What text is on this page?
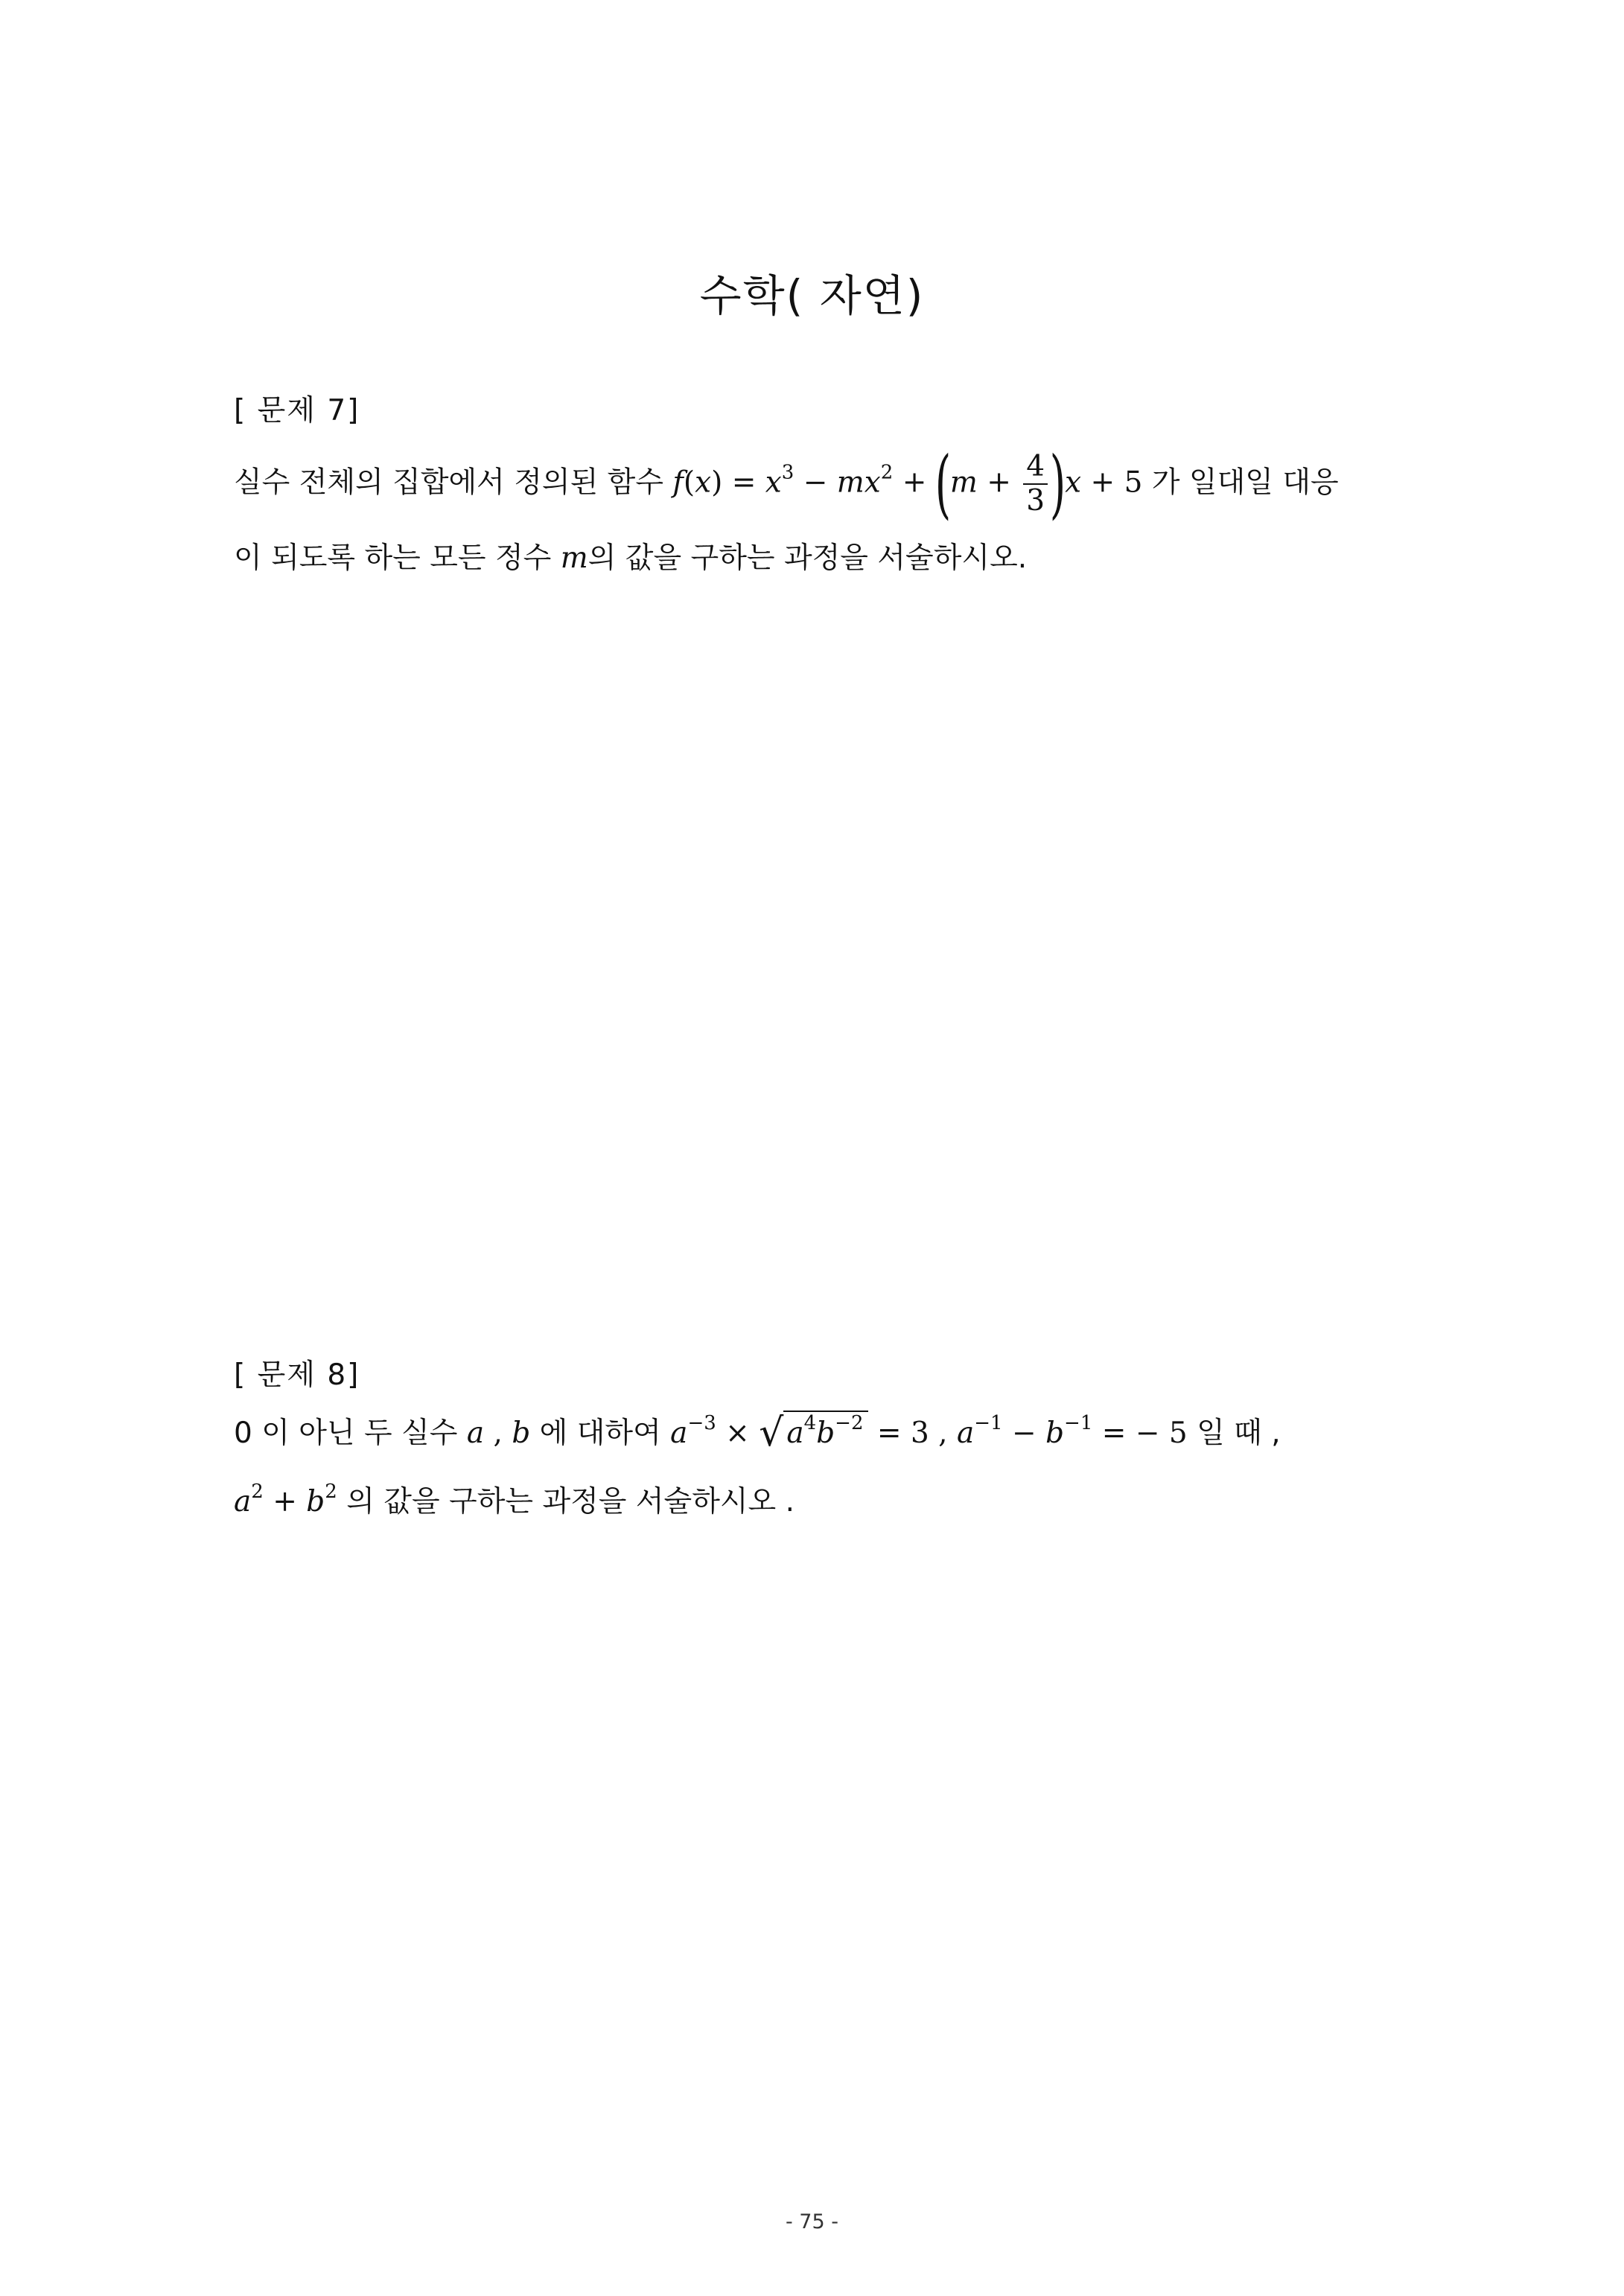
수학( 자연)
[ 문제 7]
실수 전체의 집합에서 정의된 함수 $f(x) = x^3 - mx^2 + (m + \frac{4}{3} )x + 5$ 가 일대일 대응
이 되도록 하는 모든 정수 m의 값을 구하는 과정을 서술하시오.
[ 문제 8]
0 이 아닌 두 실수 a , b 에 대하여 $a^{-3}$ × √ $a^4b^{-2} = 3$ , $a^{-1} - b^{-1}$ = − 5 일 때 ,
$a^2 + b^2$ 의 값을 구하는 과정을 서술하시오 .
- 75 -
